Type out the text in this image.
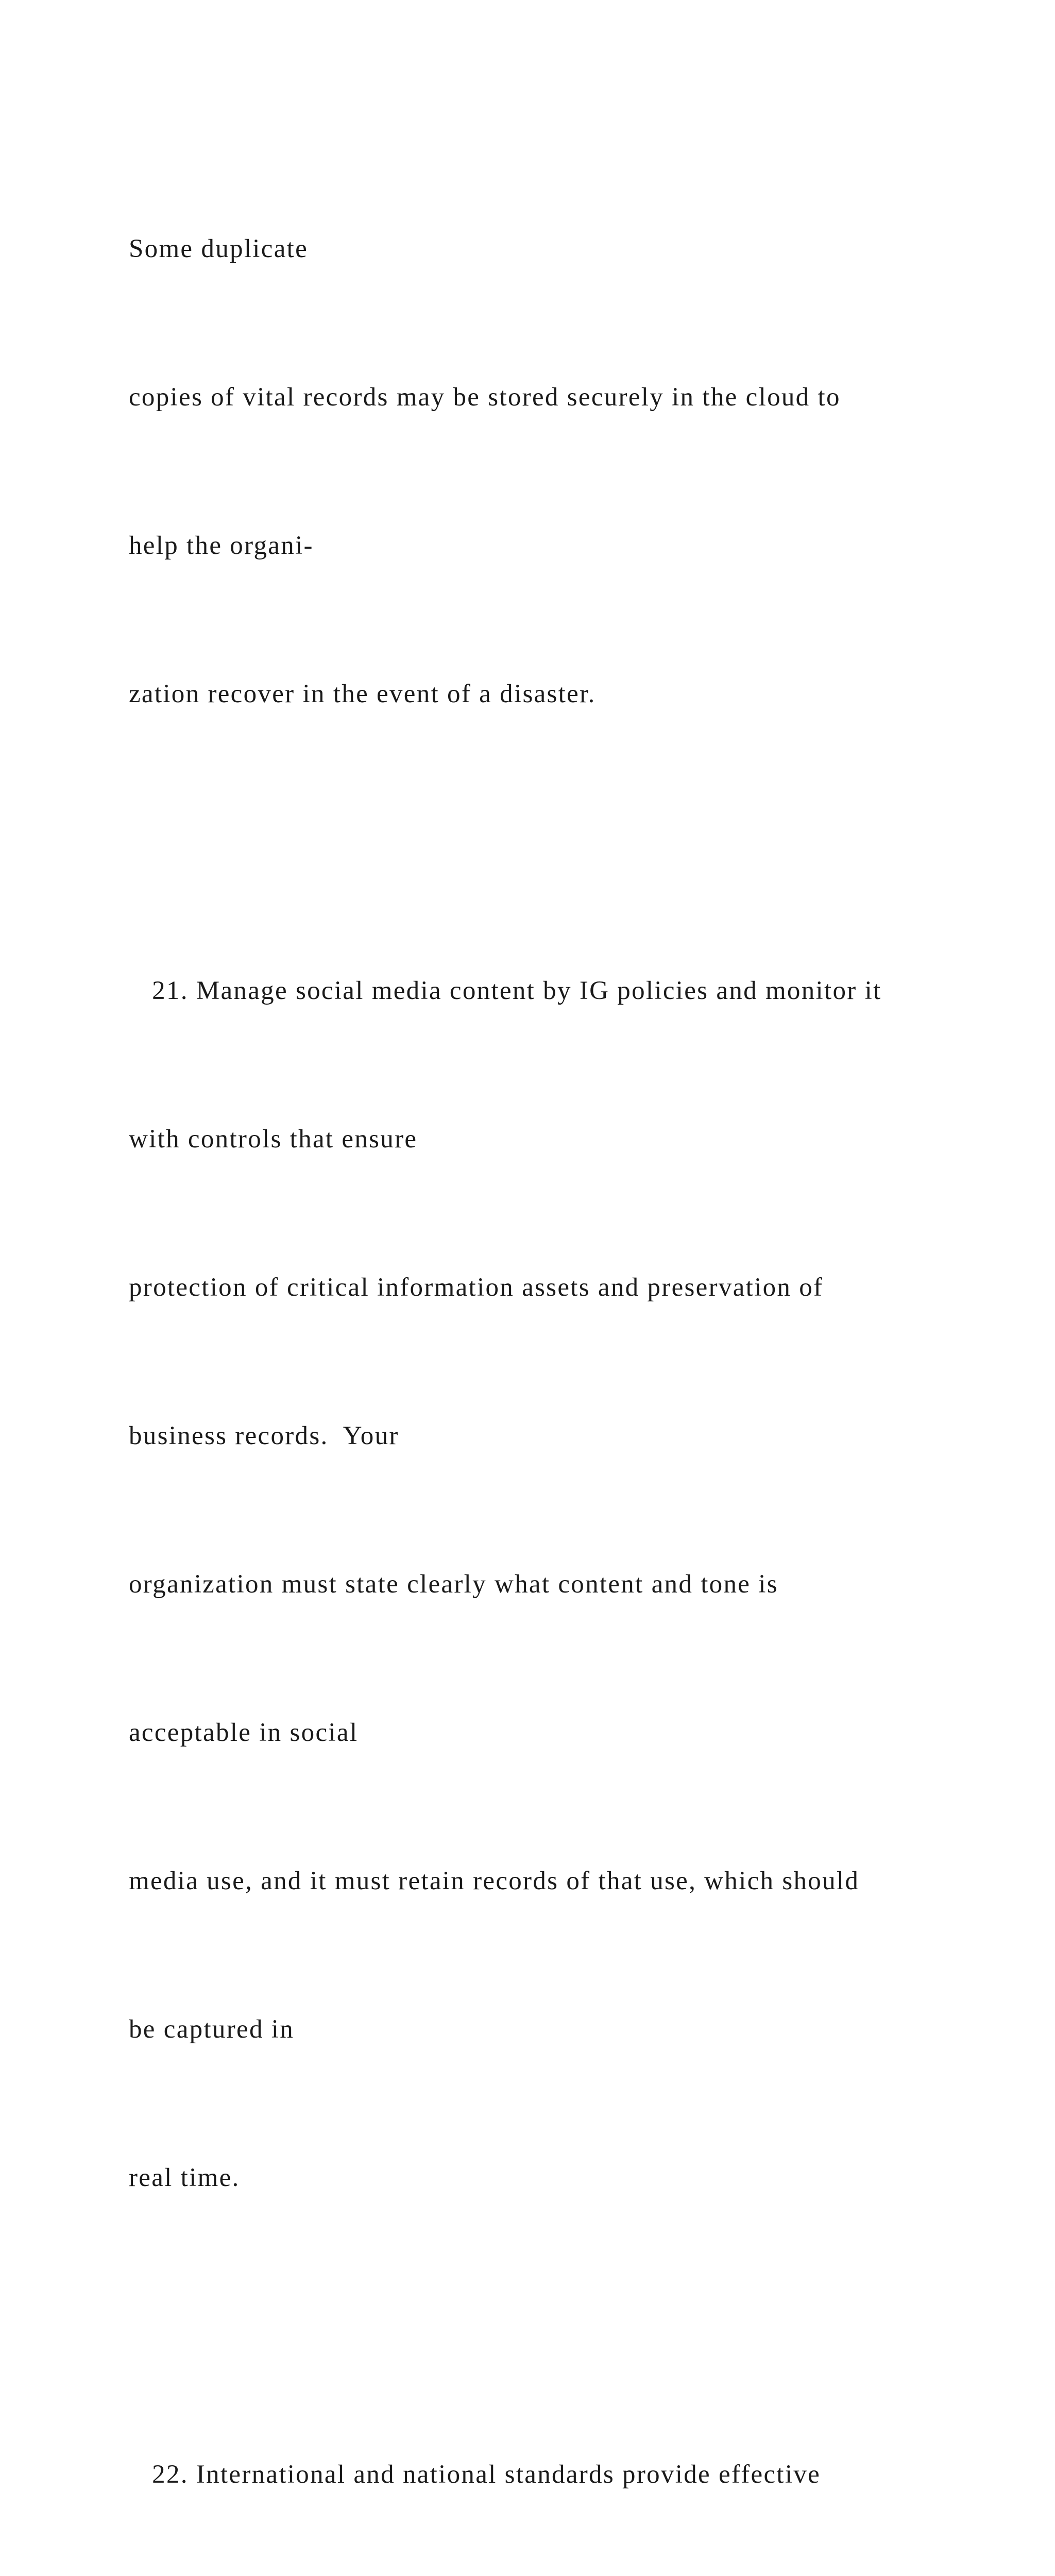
Some duplicate

copies of vital records may be stored securely in the cloud to

help the organi-

zation recover in the event of a disaster.

21. Manage social media content by IG policies and monitor it

with controls that ensure

protection of critical information assets and preservation of

business records.  Your

organization must state clearly what content and tone is

acceptable in social

media use, and it must retain records of that use, which should

be captured in

real time.

22. International and national standards provide effective
